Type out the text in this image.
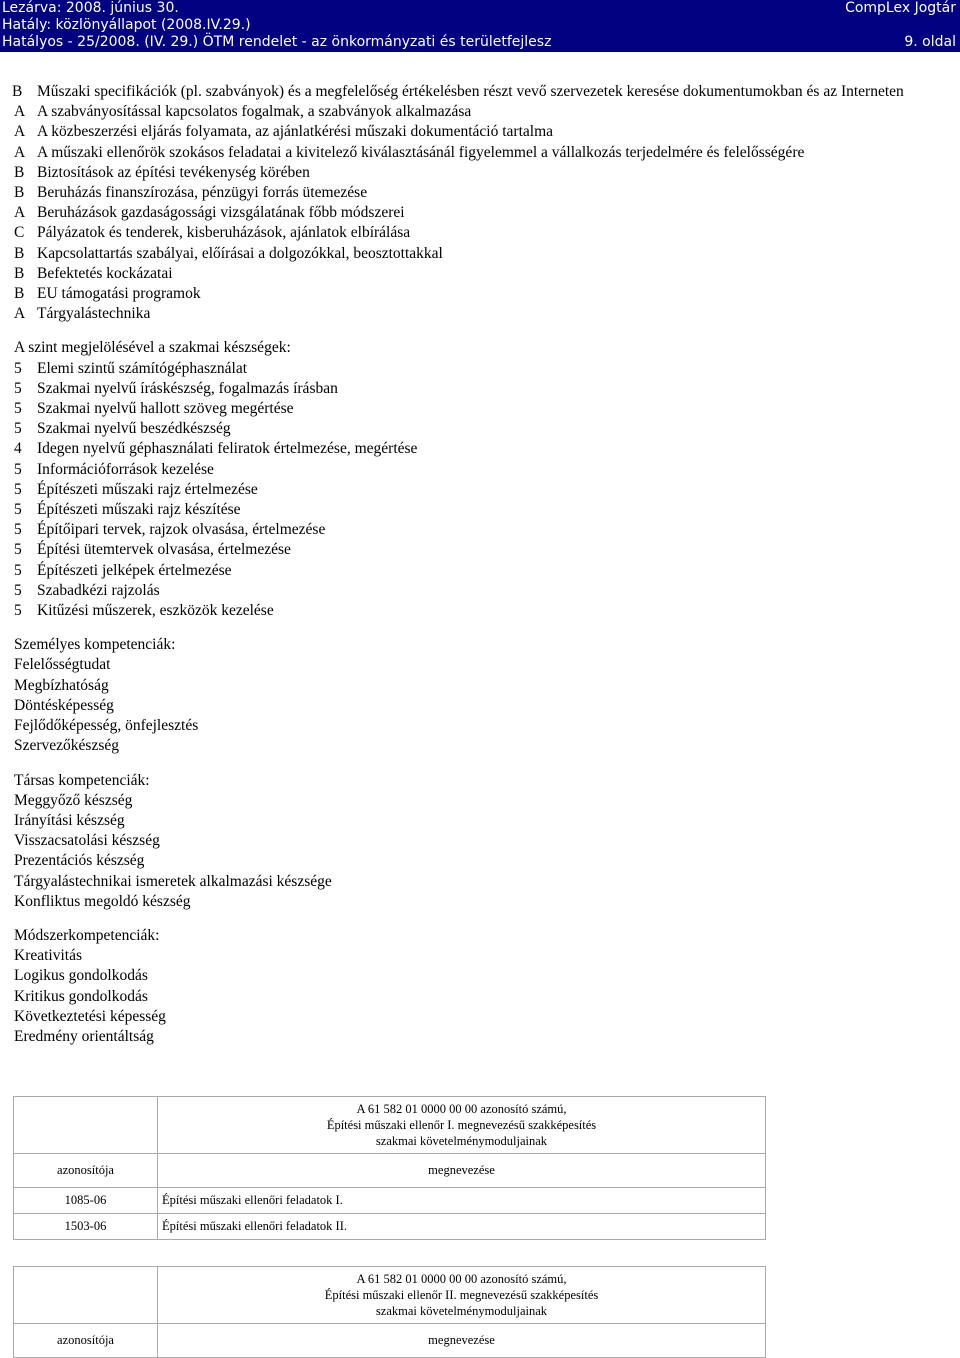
Lezárva: 2008. június 30.	CompLex Jogtár
Hatály: közlönyállapot (2008.IV.29.)
Hatályos - 25/2008. (IV. 29.) ÖTM rendelet - az önkormányzati és területfejlesz	9. oldal
B Műszaki specifikációk (pl. szabványok) és a megfelelőség értékelésben részt vevő szervezetek keresése dokumentumokban és az Interneten
A A szabványosítással kapcsolatos fogalmak, a szabványok alkalmazása
A A közbeszerzési eljárás folyamata, az ajánlatkérési műszaki dokumentáció tartalma
A A műszaki ellenőrök szokásos feladatai a kivitelező kiválasztásánál figyelemmel a vállalkozás terjedelmére és felelősségére
B Biztosítások az építési tevékenység körében
B Beruházás finanszírozása, pénzügyi forrás ütemezése
A Beruházások gazdaságossági vizsgálatának főbb módszerei
C Pályázatok és tenderek, kisberuházások, ajánlatok elbírálása
B Kapcsolattartás szabályai, előírásai a dolgozókkal, beosztottakkal
B Befektetés kockázatai
B EU támogatási programok
A Tárgyalástechnika
A szint megjelölésével a szakmai készségek:
5 Elemi szintű számítógéphasználat
5 Szakmai nyelvű íráskészség, fogalmazás írásban
5 Szakmai nyelvű hallott szöveg megértése
5 Szakmai nyelvű beszédkészség
4 Idegen nyelvű géphasználati feliratok értelmezése, megértése
5 Információforrások kezelése
5 Építészeti műszaki rajz értelmezése
5 Építészeti műszaki rajz készítése
5 Építőipari tervek, rajzok olvasása, értelmezése
5 Építési ütemtervek olvasása, értelmezése
5 Építészeti jelképek értelmezése
5 Szabadkézi rajzolás
5 Kitűzési műszerek, eszközök kezelése
Személyes kompetenciák:
Felelősségtudat
Megbízhatóság
Döntésképesség
Fejlődőképesség, önfejlesztés
Szervezőkészség
Társas kompetenciák:
Meggyőző készség
Irányítási készség
Visszacsatolási készség
Prezentációs készség
Tárgyalástechnikai ismeretek alkalmazási készsége
Konfliktus megoldó készség
Módszerkompetenciák:
Kreativitás
Logikus gondolkodás
Kritikus gondolkodás
Következtetési képesség
Eredmény orientáltság

	A 61 582 01 0000 00 00 azonosító számú,
Építési műszaki ellenőr I. megnevezésű szakképesítés
szakmai követelménymoduljainak

azonosítója	megnevezése
1085-06	Építési műszaki ellenőri feladatok I.
1503-06	Építési műszaki ellenőri feladatok II.

	A 61 582 01 0000 00 00 azonosító számú,
Építési műszaki ellenőr II. megnevezésű szakképesítés
szakmai követelménymoduljainak

azonosítója	megnevezése
